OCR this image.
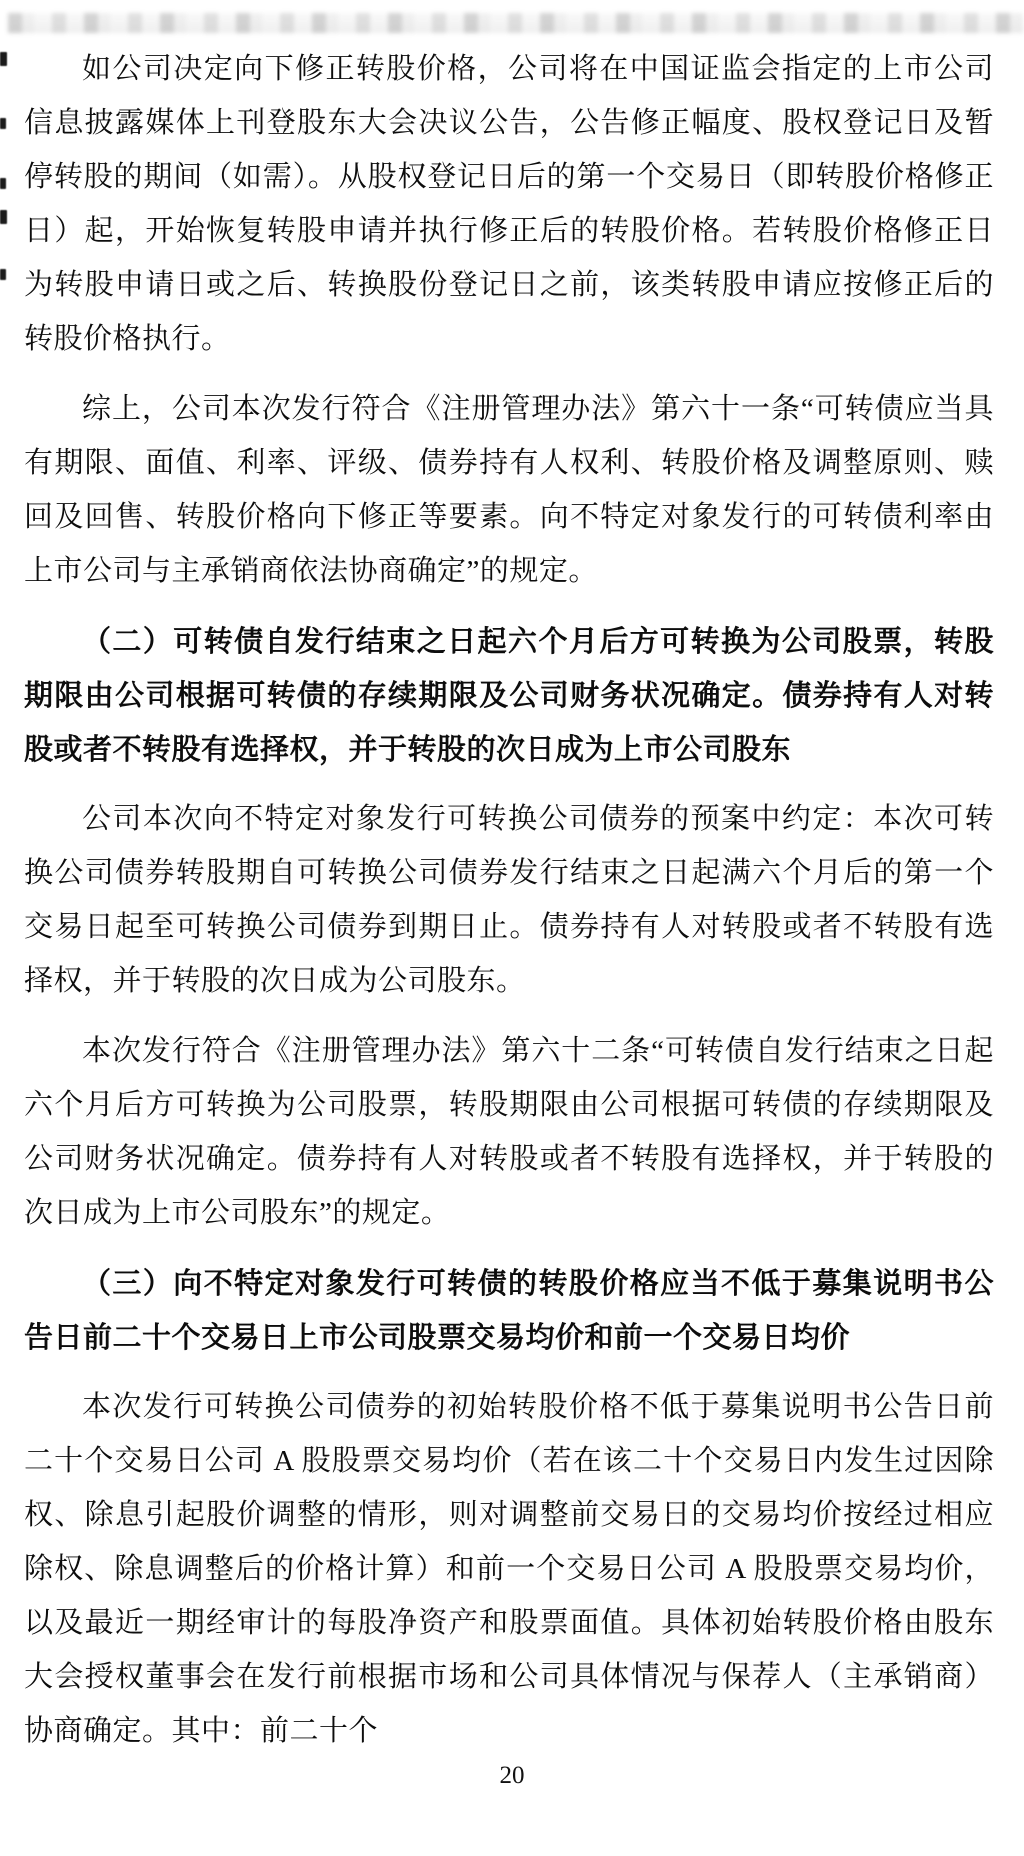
如公司决定向下修正转股价格，公司将在中国证监会指定的上市公司信息披露媒体上刊登股东大会决议公告，公告修正幅度、股权登记日及暂停转股的期间（如需）。从股权登记日后的第一个交易日（即转股价格修正日）起，开始恢复转股申请并执行修正后的转股价格。若转股价格修正日为转股申请日或之后、转换股份登记日之前，该类转股申请应按修正后的转股价格执行。

综上，公司本次发行符合《注册管理办法》第六十一条“可转债应当具有期限、面值、利率、评级、债券持有人权利、转股价格及调整原则、赎回及回售、转股价格向下修正等要素。向不特定对象发行的可转债利率由上市公司与主承销商依法协商确定”的规定。

（二）可转债自发行结束之日起六个月后方可转换为公司股票，转股期限由公司根据可转债的存续期限及公司财务状况确定。债券持有人对转股或者不转股有选择权，并于转股的次日成为上市公司股东

公司本次向不特定对象发行可转换公司债券的预案中约定：本次可转换公司债券转股期自可转换公司债券发行结束之日起满六个月后的第一个交易日起至可转换公司债券到期日止。债券持有人对转股或者不转股有选择权，并于转股的次日成为公司股东。

本次发行符合《注册管理办法》第六十二条“可转债自发行结束之日起六个月后方可转换为公司股票，转股期限由公司根据可转债的存续期限及公司财务状况确定。债券持有人对转股或者不转股有选择权，并于转股的次日成为上市公司股东”的规定。

（三）向不特定对象发行可转债的转股价格应当不低于募集说明书公告日前二十个交易日上市公司股票交易均价和前一个交易日均价

本次发行可转换公司债券的初始转股价格不低于募集说明书公告日前二十个交易日公司 A 股股票交易均价（若在该二十个交易日内发生过因除权、除息引起股价调整的情形，则对调整前交易日的交易均价按经过相应除权、除息调整后的价格计算）和前一个交易日公司 A 股股票交易均价，以及最近一期经审计的每股净资产和股票面值。具体初始转股价格由股东大会授权董事会在发行前根据市场和公司具体情况与保荐人（主承销商）协商确定。其中：前二十个

20
